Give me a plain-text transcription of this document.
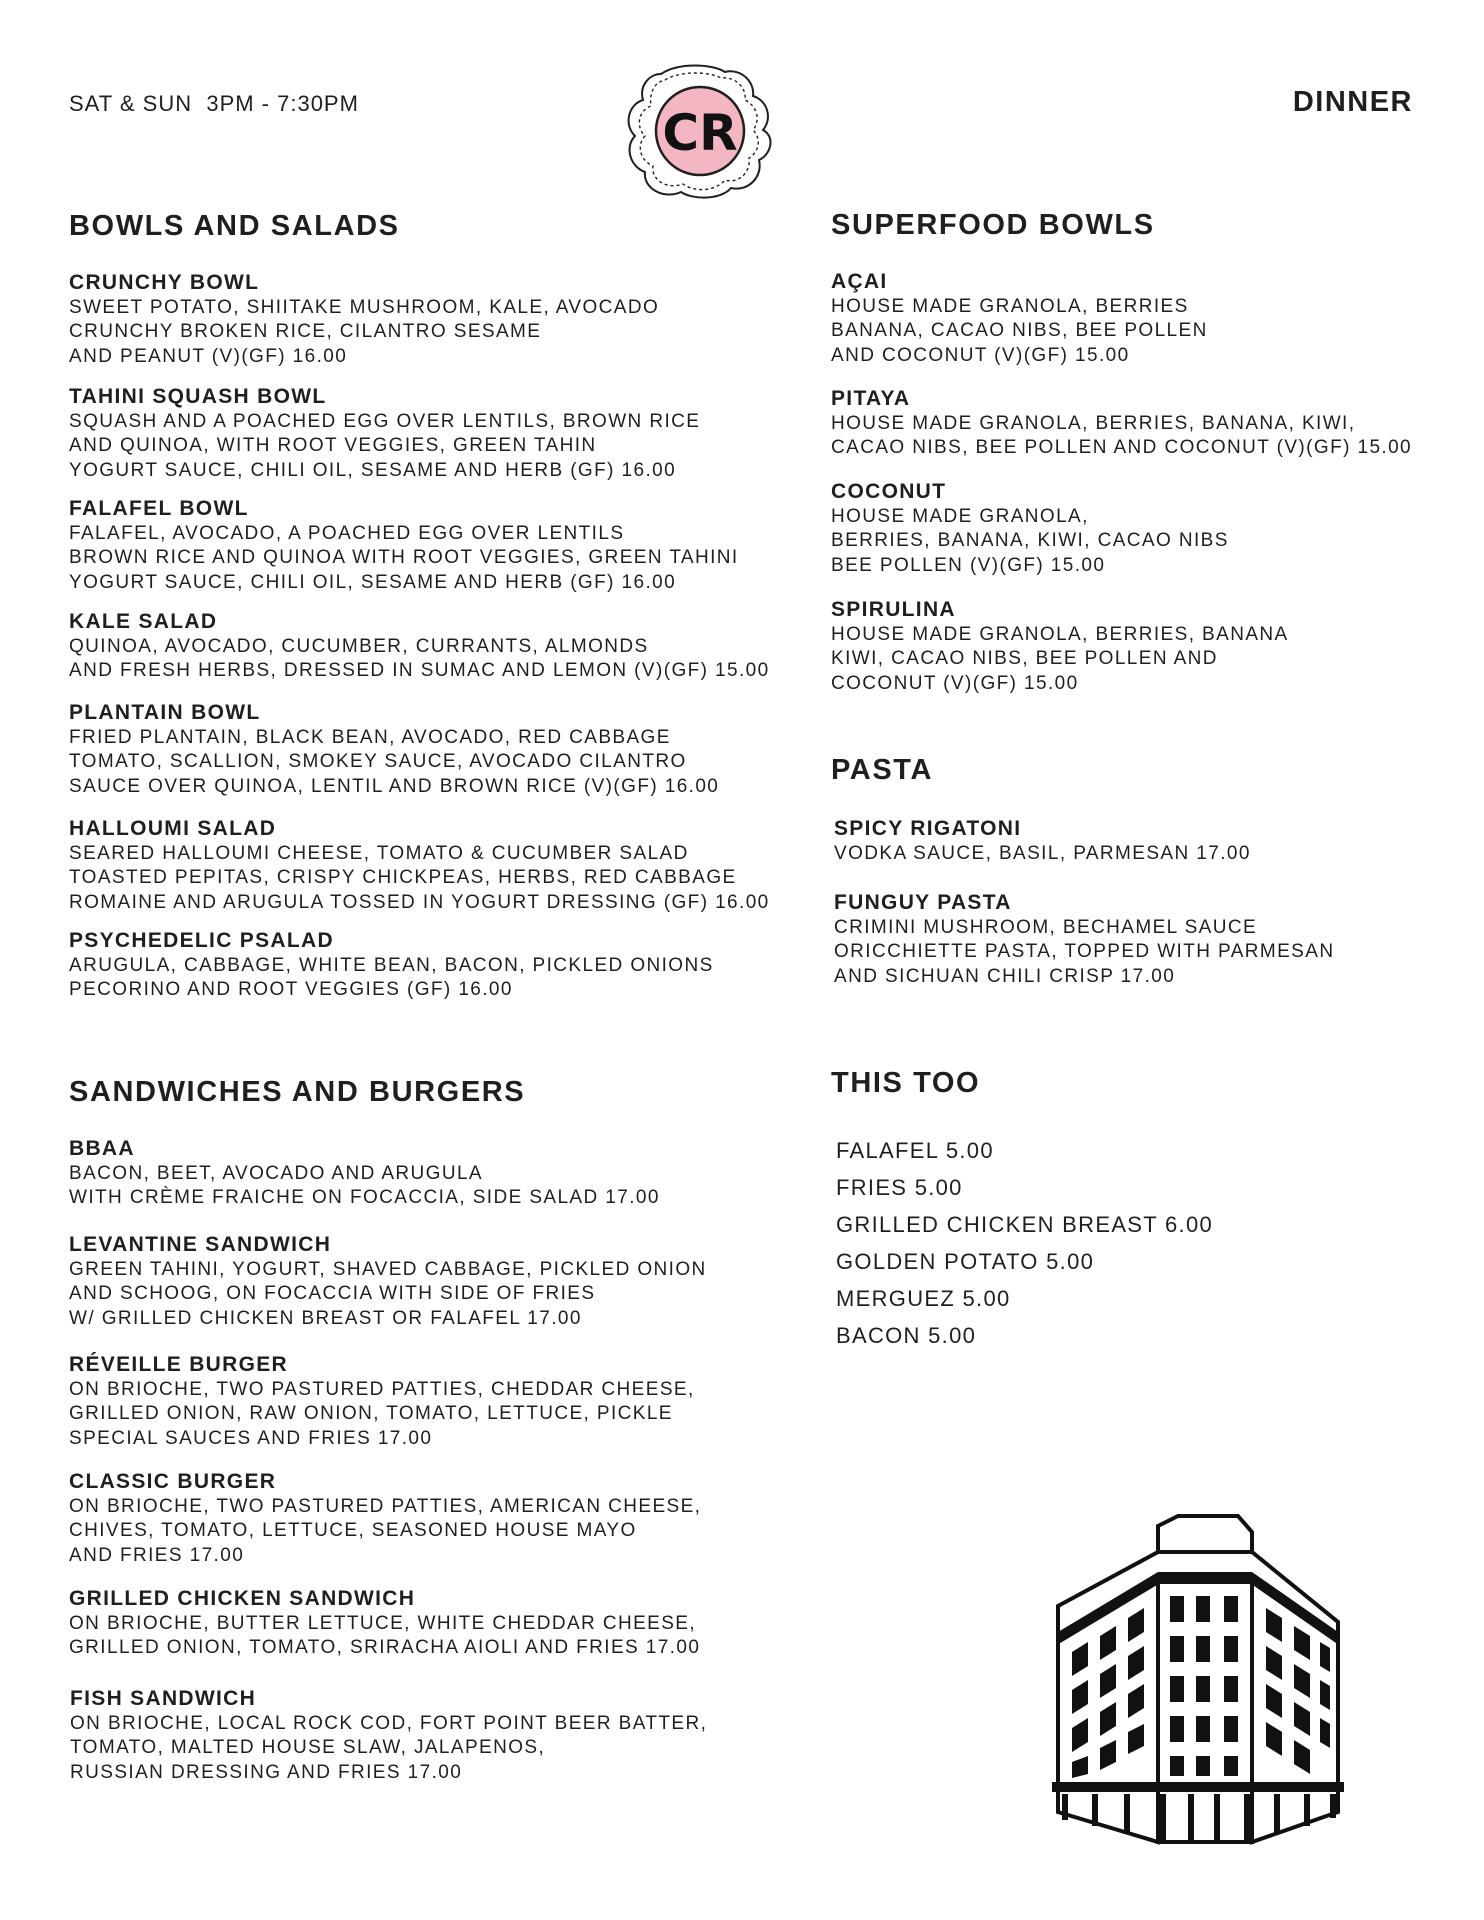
SAT & SUN  3PM - 7:30PM	DINNER
CR
BOWLS AND SALADS
SANDWICHES AND BURGERS
SUPERFOOD BOWLS
PASTA
THIS TOO
CRUNCHY BOWL
SWEET POTATO, SHIITAKE MUSHROOM, KALE, AVOCADO
CRUNCHY BROKEN RICE, CILANTRO SESAME
AND PEANUT (V)(GF) 16.00
TAHINI SQUASH BOWL
SQUASH AND A POACHED EGG OVER LENTILS, BROWN RICE
AND QUINOA, WITH ROOT VEGGIES, GREEN TAHIN
YOGURT SAUCE, CHILI OIL, SESAME AND HERB (GF) 16.00
FALAFEL BOWL
FALAFEL, AVOCADO, A POACHED EGG OVER LENTILS
BROWN RICE AND QUINOA WITH ROOT VEGGIES, GREEN TAHINI
YOGURT SAUCE, CHILI OIL, SESAME AND HERB (GF) 16.00
KALE SALAD
QUINOA, AVOCADO, CUCUMBER, CURRANTS, ALMONDS
AND FRESH HERBS, DRESSED IN SUMAC AND LEMON (V)(GF) 15.00
PLANTAIN BOWL
FRIED PLANTAIN, BLACK BEAN, AVOCADO, RED CABBAGE
TOMATO, SCALLION, SMOKEY SAUCE, AVOCADO CILANTRO
SAUCE OVER QUINOA, LENTIL AND BROWN RICE (V)(GF) 16.00
HALLOUMI SALAD
SEARED HALLOUMI CHEESE, TOMATO & CUCUMBER SALAD
TOASTED PEPITAS, CRISPY CHICKPEAS, HERBS, RED CABBAGE
ROMAINE AND ARUGULA TOSSED IN YOGURT DRESSING (GF) 16.00
PSYCHEDELIC PSALAD
ARUGULA, CABBAGE, WHITE BEAN, BACON, PICKLED ONIONS
PECORINO AND ROOT VEGGIES (GF) 16.00
BBAA
BACON, BEET, AVOCADO AND ARUGULA
WITH CRÈME FRAICHE ON FOCACCIA, SIDE SALAD 17.00
LEVANTINE SANDWICH
GREEN TAHINI, YOGURT, SHAVED CABBAGE, PICKLED ONION
AND SCHOOG, ON FOCACCIA WITH SIDE OF FRIES
W/ GRILLED CHICKEN BREAST OR FALAFEL 17.00
RÉVEILLE BURGER
ON BRIOCHE, TWO PASTURED PATTIES, CHEDDAR CHEESE,
GRILLED ONION, RAW ONION, TOMATO, LETTUCE, PICKLE
SPECIAL SAUCES AND FRIES 17.00
CLASSIC BURGER
ON BRIOCHE, TWO PASTURED PATTIES, AMERICAN CHEESE,
CHIVES, TOMATO, LETTUCE, SEASONED HOUSE MAYO
AND FRIES 17.00
GRILLED CHICKEN SANDWICH
ON BRIOCHE, BUTTER LETTUCE, WHITE CHEDDAR CHEESE,
GRILLED ONION, TOMATO, SRIRACHA AIOLI AND FRIES 17.00
FISH SANDWICH
ON BRIOCHE, LOCAL ROCK COD, FORT POINT BEER BATTER,
TOMATO, MALTED HOUSE SLAW, JALAPENOS,
RUSSIAN DRESSING AND FRIES 17.00
AÇAI
HOUSE MADE GRANOLA, BERRIES
BANANA, CACAO NIBS, BEE POLLEN
AND COCONUT (V)(GF) 15.00
PITAYA
HOUSE MADE GRANOLA, BERRIES, BANANA, KIWI,
CACAO NIBS, BEE POLLEN AND COCONUT (V)(GF) 15.00
COCONUT
HOUSE MADE GRANOLA,
BERRIES, BANANA, KIWI, CACAO NIBS
BEE POLLEN (V)(GF) 15.00
SPIRULINA
HOUSE MADE GRANOLA, BERRIES, BANANA
KIWI, CACAO NIBS, BEE POLLEN AND
COCONUT (V)(GF) 15.00
SPICY RIGATONI
VODKA SAUCE, BASIL, PARMESAN 17.00
FUNGUY PASTA
CRIMINI MUSHROOM, BECHAMEL SAUCE
ORICCHIETTE PASTA, TOPPED WITH PARMESAN
AND SICHUAN CHILI CRISP 17.00
FALAFEL 5.00
FRIES 5.00
GRILLED CHICKEN BREAST 6.00
GOLDEN POTATO 5.00
MERGUEZ 5.00
BACON 5.00
